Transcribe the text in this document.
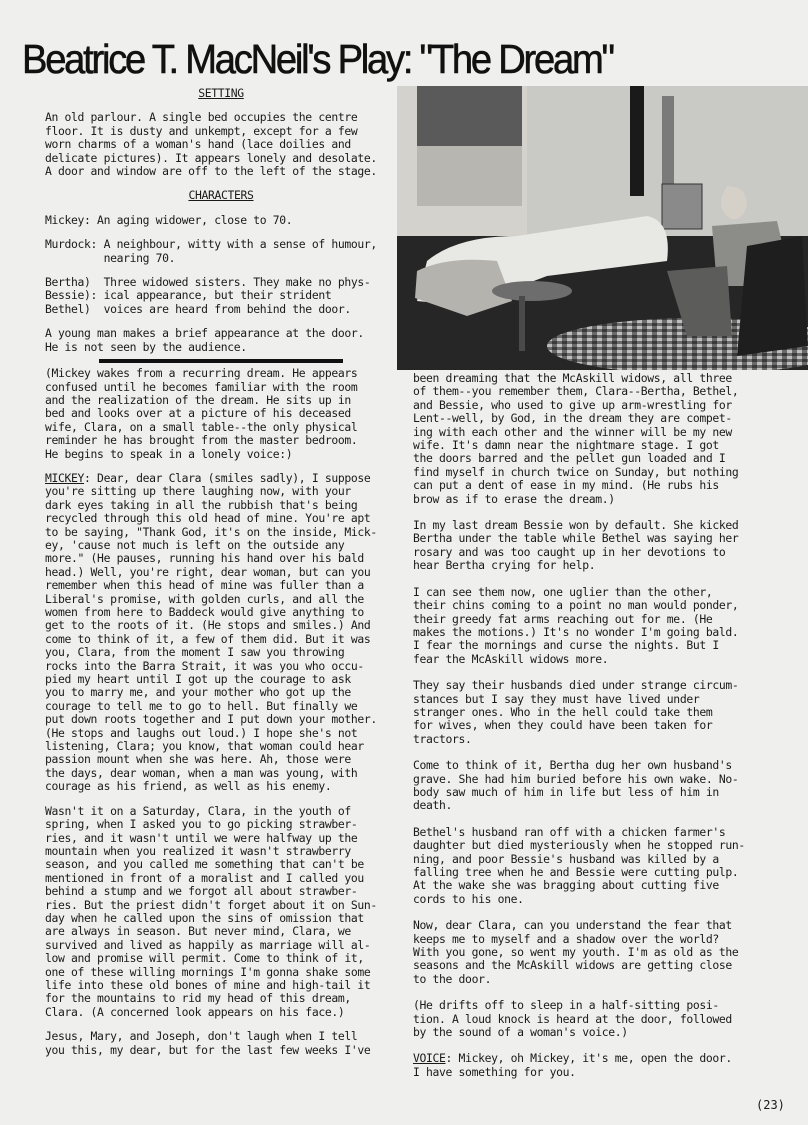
Beatrice T. MacNeil's Play: "The Dream"
SETTING
An old parlour. A single bed occupies the centre
floor. It is dusty and unkempt, except for a few
worn charms of a woman's hand (lace doilies and
delicate pictures). It appears lonely and desolate.
A door and window are off to the left of the stage.
CHARACTERS
Mickey: An aging widower, close to 70.
Murdock: A neighbour, witty with a sense of humour,
nearing 70.
Bertha)  Three widowed sisters. They make no phys-
Bessie): ical appearance, but their strident
Bethel)  voices are heard from behind the door.
A young man makes a brief appearance at the door.
He is not seen by the audience.
(Mickey wakes from a recurring dream. He appears
confused until he becomes familiar with the room
and the realization of the dream. He sits up in
bed and looks over at a picture of his deceased
wife, Clara, on a small table--the only physical
reminder he has brought from the master bedroom.
He begins to speak in a lonely voice:)
MICKEY: Dear, dear Clara (smiles sadly), I suppose
you're sitting up there laughing now, with your
dark eyes taking in all the rubbish that's being
recycled through this old head of mine. You're apt
to be saying, "Thank God, it's on the inside, Mick-
ey, 'cause not much is left on the outside any
more." (He pauses, running his hand over his bald
head.) Well, you're right, dear woman, but can you
remember when this head of mine was fuller than a
Liberal's promise, with golden curls, and all the
women from here to Baddeck would give anything to
get to the roots of it. (He stops and smiles.) And
come to think of it, a few of them did. But it was
you, Clara, from the moment I saw you throwing
rocks into the Barra Strait, it was you who occu-
pied my heart until I got up the courage to ask
you to marry me, and your mother who got up the
courage to tell me to go to hell. But finally we
put down roots together and I put down your mother.
(He stops and laughs out loud.) I hope she's not
listening, Clara; you know, that woman could hear
passion mount when she was here. Ah, those were
the days, dear woman, when a man was young, with
courage as his friend, as well as his enemy.
Wasn't it on a Saturday, Clara, in the youth of
spring, when I asked you to go picking strawber-
ries, and it wasn't until we were halfway up the
mountain when you realized it wasn't strawberry
season, and you called me something that can't be
mentioned in front of a moralist and I called you
behind a stump and we forgot all about strawber-
ries. But the priest didn't forget about it on Sun-
day when he called upon the sins of omission that
are always in season. But never mind, Clara, we
survived and lived as happily as marriage will al-
low and promise will permit. Come to think of it,
one of these willing mornings I'm gonna shake some
life into these old bones of mine and high-tail it
for the mountains to rid my head of this dream,
Clara. (A concerned look appears on his face.)
Jesus, Mary, and Joseph, don't laugh when I tell
you this, my dear, but for the last few weeks I've
been dreaming that the McAskill widows, all three
of them--you remember them, Clara--Bertha, Bethel,
and Bessie, who used to give up arm-wrestling for
Lent--well, by God, in the dream they are compet-
ing with each other and the winner will be my new
wife. It's damn near the nightmare stage. I got
the doors barred and the pellet gun loaded and I
find myself in church twice on Sunday, but nothing
can put a dent of ease in my mind. (He rubs his
brow as if to erase the dream.)
In my last dream Bessie won by default. She kicked
Bertha under the table while Bethel was saying her
rosary and was too caught up in her devotions to
hear Bertha crying for help.
I can see them now, one uglier than the other,
their chins coming to a point no man would ponder,
their greedy fat arms reaching out for me. (He
makes the motions.) It's no wonder I'm going bald.
I fear the mornings and curse the nights. But I
fear the McAskill widows more.
They say their husbands died under strange circum-
stances but I say they must have lived under
stranger ones. Who in the hell could take them
for wives, when they could have been taken for
tractors.
Come to think of it, Bertha dug her own husband's
grave. She had him buried before his own wake. No-
body saw much of him in life but less of him in
death.
Bethel's husband ran off with a chicken farmer's
daughter but died mysteriously when he stopped run-
ning, and poor Bessie's husband was killed by a
falling tree when he and Bessie were cutting pulp.
At the wake she was bragging about cutting five
cords to his one.
Now, dear Clara, can you understand the fear that
keeps me to myself and a shadow over the world?
With you gone, so went my youth. I'm as old as the
seasons and the McAskill widows are getting close
to the door.
(He drifts off to sleep in a half-sitting posi-
tion. A loud knock is heard at the door, followed
by the sound of a woman's voice.)
VOICE: Mickey, oh Mickey, it's me, open the door.
I have something for you.
(23)
